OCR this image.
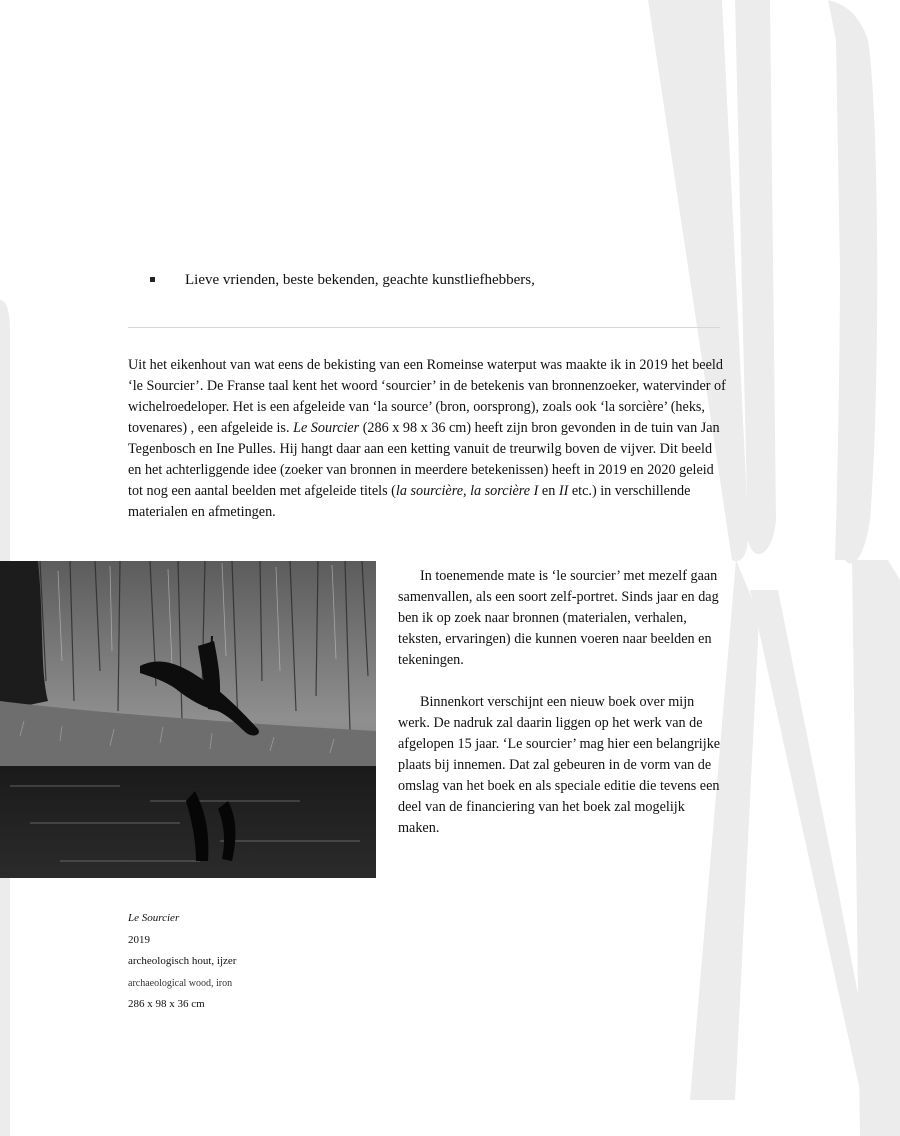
Lieve vrienden, beste bekenden, geachte kunstliefhebbers,

Uit het eikenhout van wat eens de bekisting van een Romeinse waterput was maakte ik in 2019 het beeld ‘le Sourcier’. De Franse taal kent het woord ‘sourcier’ in de betekenis van bronnenzoeker, watervinder of wichelroedeloper. Het is een afgeleide van ‘la source’ (bron, oorsprong), zoals ook ‘la sorcière’ (heks, tovenares) , een afgeleide is. Le Sourcier (286 x 98 x 36 cm) heeft zijn bron gevonden in de tuin van Jan Tegenbosch en Ine Pulles. Hij hangt daar aan een ketting vanuit de treurwilg boven de vijver. Dit beeld en het achterliggende idee (zoeker van bronnen in meerdere betekenissen) heeft in 2019 en 2020 geleid tot nog een aantal beelden met afgeleide titels (la sourcière, la sorcière I en II etc.) in verschillende materialen en afmetingen.

In toenemende mate is ‘le sourcier’ met mezelf gaan samenvallen, als een soort zelf-portret. Sinds jaar en dag ben ik op zoek naar bronnen (materialen, verhalen, teksten, ervaringen) die kunnen voeren naar beelden en tekeningen.

Binnenkort verschijnt een nieuw boek over mijn werk. De nadruk zal daarin liggen op het werk van de afgelopen 15 jaar. ‘Le sourcier’ mag hier een belangrijke plaats bij innemen. Dat zal gebeuren in de vorm van de omslag van het boek en als speciale editie die tevens een deel van de financiering van het boek zal mogelijk maken.

Le Sourcier
2019
archeologisch hout, ijzer
archaeological wood, iron
286 x 98 x 36 cm
